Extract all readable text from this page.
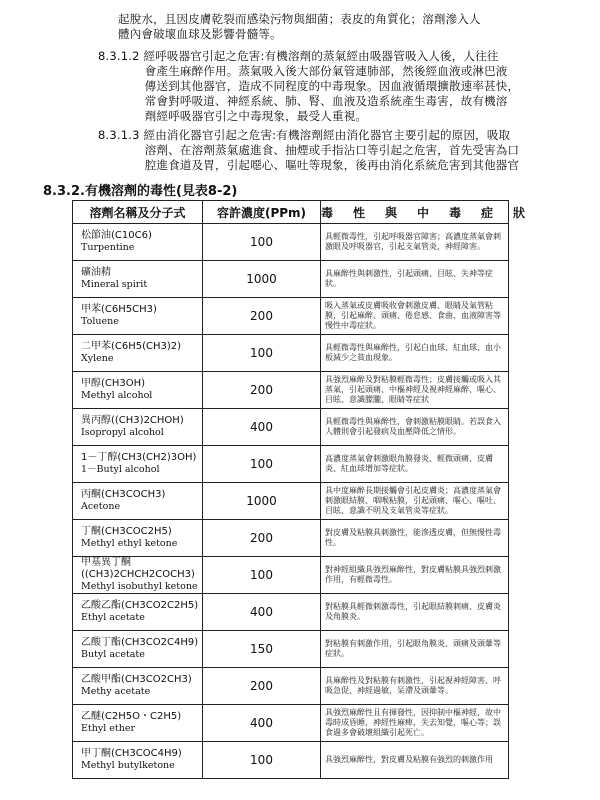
起脫水，且因皮膚乾裂而感染污物與細菌；表皮的角質化；溶劑滲入人
體內會破壞血球及影響骨髓等。
8.3.1.2 經呼吸器官引起之危害:有機溶劑的蒸氣經由吸器管吸入人後，人往往
　　　　會產生麻醉作用。蒸氣吸入後大部份氣管連肺部，然後經血液或淋巴液
　　　　傳送到其他器官，造成不同程度的中毒現象。因血液循環擴散速率甚快，
　　　　常會對呼吸道、神經系統、肺、腎、血液及造系統產生毒害，故有機溶
　　　　劑經呼吸器官引之中毒現象，最受人重視。
8.3.1.3 經由消化器官引起之危害:有機溶劑經由消化器官主要引起的原因，吸取
　　　　溶劑、在溶劑蒸氣處進食、抽煙或手指沾口等引起之危害，首先受害為口
　　　　腔進食道及胃，引起噁心、嘔吐等現象，後再由消化系統危害到其他器官
8.3.2.有機溶劑的毒性(見表8-2)
溶劑名稱及分子式	容許濃度(PPm)	毒　性　與　中　毒　症　狀

松節油(C10C6)
Turpentine	100	具輕微毒性，引起呼吸器官障害；高濃度蒸氣會刺激眼及呼吸器官，引起支氣管炎，神經障害。

礦油精
Mineral spirit	1000	具麻醉性與刺激性，引起頭痛、目眩、失神等症狀。

甲苯(C6H5CH3)
Toluene	200	吸入蒸氣或皮膚吸收會刺激皮膚、眼睛及氣管粘膜，引起麻醉、頭痛、倦怠感、食曲、血液障害等慢性中毒症狀。

二甲苯(C6H5(CH3)2)
Xylene	100	具輕微毒性與麻醉性，引起白血球、紅血球、血小板減少之貧血現象。

甲醇(CH3OH)
Methyl alcohol	200	具強烈麻醉及對粘膜輕微毒性；皮膚接觸或吸入其蒸氣，引起頭痛、中樞神經及視神經麻醉、嘔心、目眩、意識朦朧、眼睛等症狀

異丙醇((CH3)2CHOH)
Isopropyl alcohol	400	具輕微毒性與麻醉性，會刺激粘膜眼睛。若誤食入人體則會引起發病及血壓降低之情形。

1－丁醇(CH3(CH2)3OH)
1－Butyl alcohol	100	高濃度蒸氣會刺激眼角膜發炎、輕微頭痛、皮膚炎、紅血球增加等症狀。

丙酮(CH3COCH3)
Acetone	1000	具中度麻醉長期接觸會引起皮膚炎；高濃度蒸氣會刺激眼結膜、咽喉粘膜，引起頭痛、嘔心、嘔吐、目眩、意識不明及支氣管炎等症狀。

丁酮(CH3COC2H5)
Methyl ethyl ketone	200	對皮膚及粘膜具刺激性，能滲透皮膚，但無慢性毒性。

甲基異丁酮
((CH3)2CHCH2COCH3)
Methyl isobuthyl ketone	100	對神經組織具強烈麻醉性，對皮膚粘膜具強烈刺激作用，有輕微毒性。

乙酸乙酯(CH3CO2C2H5)
Ethyl acetate	400	對粘膜具輕微刺激毒性，引起眼結膜刺痛、皮膚炎及角膜炎。

乙酸丁酯(CH3CO2C4H9)
Butyl acetate	150	對粘膜有刺激作用，引起眼角膜炎、頭痛及頭暈等症狀。

乙酸甲酯(CH3CO2CH3)
Methy acetate	200	具麻醉性及對粘膜有刺激性，引起視神經障害、呼吸急促、神經過敏，呆滯及頭暈等。

乙醚(C2H5O・C2H5)
Ethyl ether	400	具強烈麻醉性且有揮發性，因抑制中樞神經，故中毒時成昏睡，神經性麻痺，失去知覺，嘔心等；誤食過多會破壞組織引起死亡。

甲丁酮(CH3COC4H9)
Methyl butylketone	100	具強烈麻醉性，對皮膚及粘膜有強烈的刺激作用
